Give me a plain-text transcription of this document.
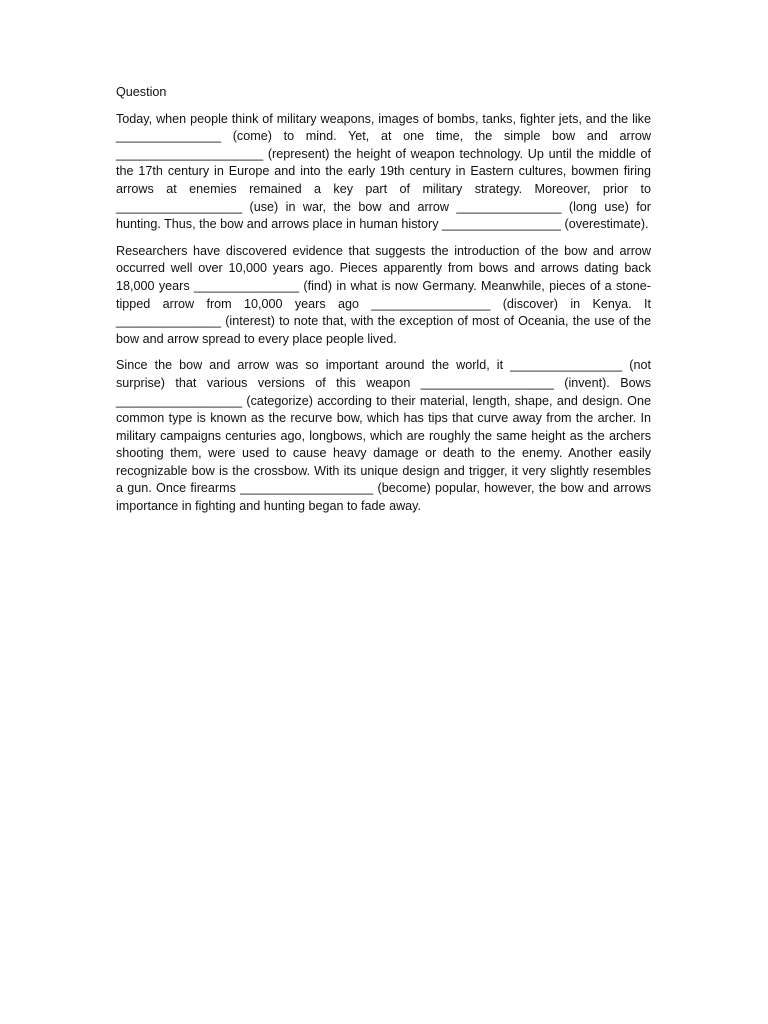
Question

Today, when people think of military weapons, images of bombs, tanks, fighter jets, and the like _______________ (come) to mind. Yet, at one time, the simple bow and arrow _____________________ (represent) the height of weapon technology. Up until the middle of the 17th century in Europe and into the early 19th century in Eastern cultures, bowmen firing arrows at enemies remained a key part of military strategy. Moreover, prior to __________________ (use) in war, the bow and arrow _______________ (long use) for hunting. Thus, the bow and arrows place in human history _________________ (overestimate).

Researchers have discovered evidence that suggests the introduction of the bow and arrow occurred well over 10,000 years ago. Pieces apparently from bows and arrows dating back 18,000 years _______________ (find) in what is now Germany. Meanwhile, pieces of a stone-tipped arrow from 10,000 years ago _________________ (discover) in Kenya. It _______________ (interest) to note that, with the exception of most of Oceania, the use of the bow and arrow spread to every place people lived.

Since the bow and arrow was so important around the world, it ________________ (not surprise) that various versions of this weapon ___________________ (invent). Bows __________________ (categorize) according to their material, length, shape, and design. One common type is known as the recurve bow, which has tips that curve away from the archer. In military campaigns centuries ago, longbows, which are roughly the same height as the archers shooting them, were used to cause heavy damage or death to the enemy. Another easily recognizable bow is the crossbow. With its unique design and trigger, it very slightly resembles a gun. Once firearms ___________________ (become) popular, however, the bow and arrows importance in fighting and hunting began to fade away.
